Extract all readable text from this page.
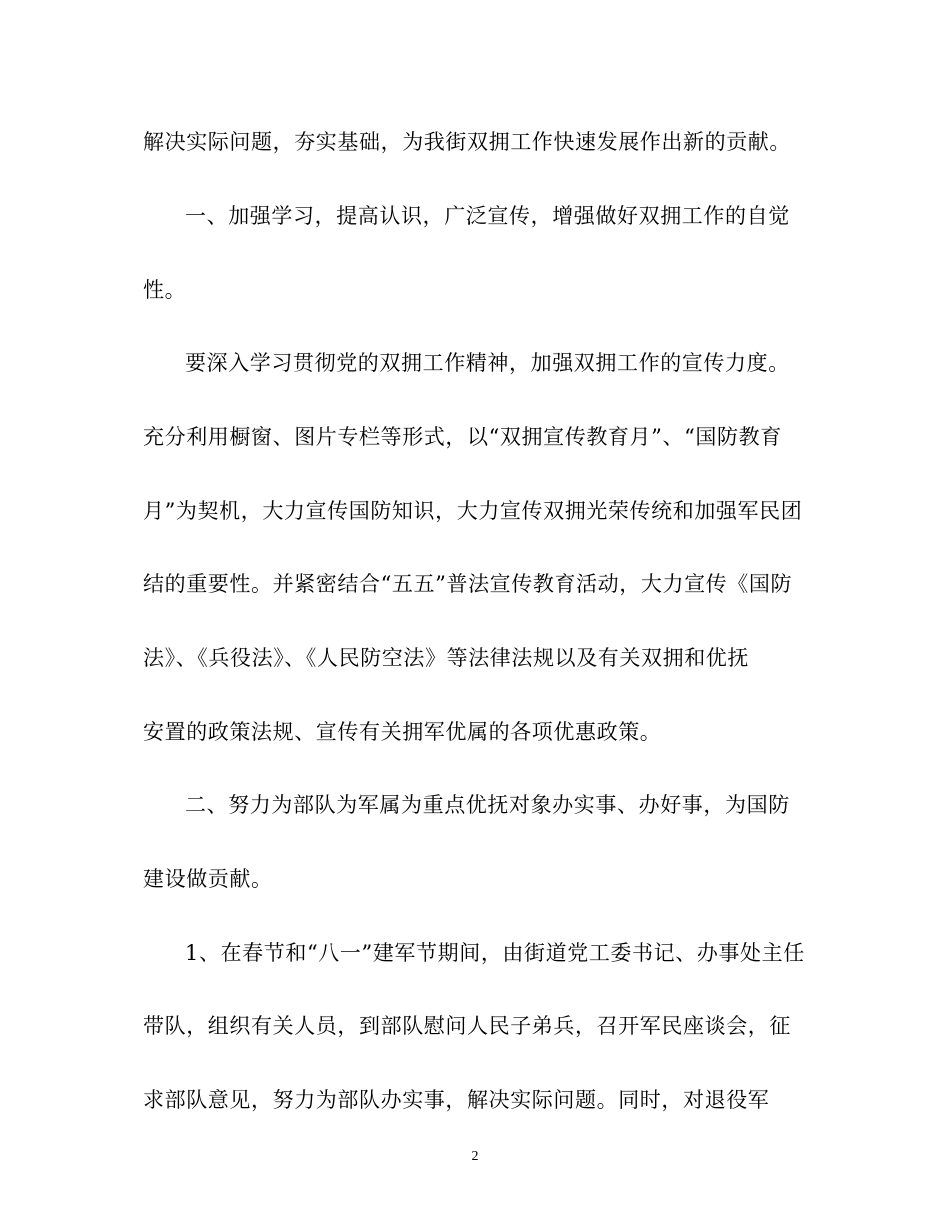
解决实际问题，夯实基础，为我街双拥工作快速发展作出新的贡献。
一、加强学习，提高认识，广泛宣传，增强做好双拥工作的自觉
性。
要深入学习贯彻党的双拥工作精神，加强双拥工作的宣传力度。
充分利用橱窗、图片专栏等形式，以“双拥宣传教育月”、“国防教育
月”为契机，大力宣传国防知识，大力宣传双拥光荣传统和加强军民团
结的重要性。并紧密结合“五五”普法宣传教育活动，大力宣传《国防
法》、《兵役法》、《人民防空法》等法律法规以及有关双拥和优抚
安置的政策法规、宣传有关拥军优属的各项优惠政策。
二、努力为部队为军属为重点优抚对象办实事、办好事，为国防
建设做贡献。
1、在春节和“八一”建军节期间，由街道党工委书记、办事处主任
带队，组织有关人员，到部队慰问人民子弟兵，召开军民座谈会，征
求部队意见，努力为部队办实事，解决实际问题。同时，对退役军
2
